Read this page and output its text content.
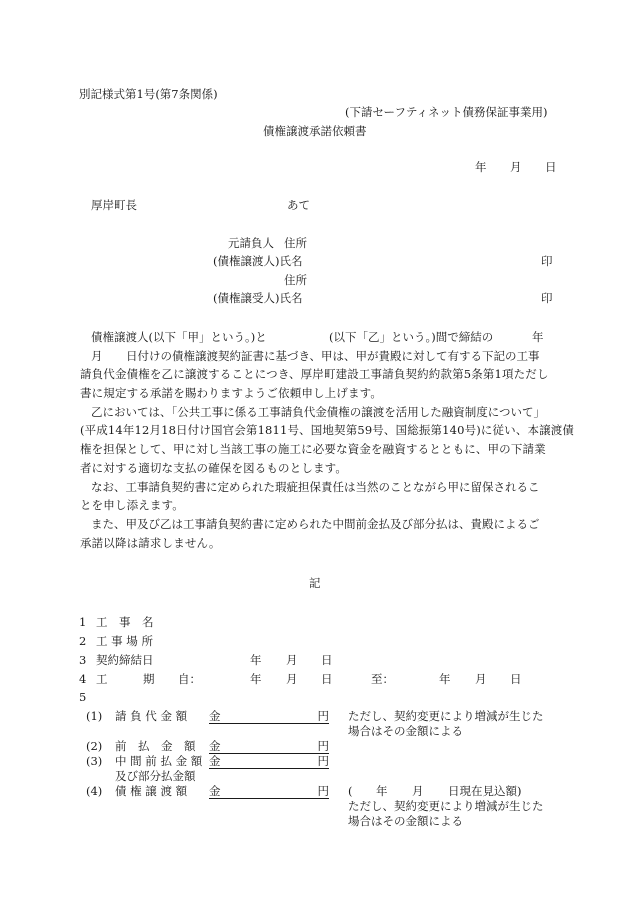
別記様式第1号(第7条関係)
(下請セーフティネット債務保証事業用)
債権譲渡承諾依頼書
年 月 日
厚岸町長	あて
元請負人 住所
(債権譲渡人)氏名	印
住所
(債権譲受人)氏名	印
債権譲渡人(以下「甲」という。)と	(以下「乙」という。)間で締結の	年
月 日付けの債権譲渡契約証書に基づき、甲は、甲が貴殿に対して有する下記の工事
請負代金債権を乙に譲渡することにつき、厚岸町建設工事請負契約約款第5条第1項ただし
書に規定する承諾を賜わりますようご依頼申し上げます。
乙においては、「公共工事に係る工事請負代金債権の譲渡を活用した融資制度について」
(平成14年12月18日付け国官会第1811号、国地契第59号、国総振第140号)に従い、本譲渡債
権を担保として、甲に対し当該工事の施工に必要な資金を融資するとともに、甲の下請業
者に対する適切な支払の確保を図るものとします。
なお、工事請負契約書に定められた瑕疵担保責任は当然のことながら甲に留保されるこ
とを申し添えます。
また、甲及び乙は工事請負契約書に定められた中間前金払及び部分払は、貴殿によるご
承諾以降は請求しません。
記
1 工　事　名
2 工 事 場 所
3 契約締結日	年 月 日
4 工	期 自：	年 月 日	至：	年 月 日
5
(1) 請 負 代 金 額 金	円 ただし、契約変更により増減が生じた
場合はその金額による
(2) 前　払　金　額 金	円
(3) 中 間 前 払 金 額
及び部分払金額
金	円
(4) 債 権 譲 渡 額 金	円 ( 年 月 日現在見込額)
ただし、契約変更により増減が生じた
場合はその金額による
